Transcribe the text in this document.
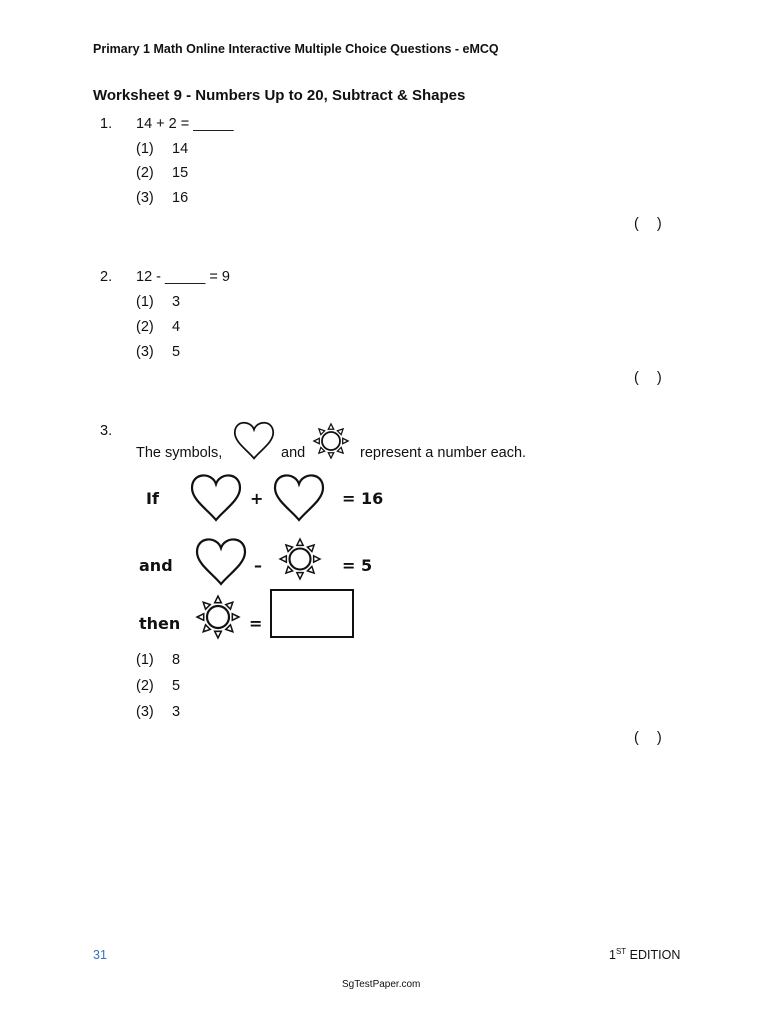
Primary 1 Math Online Interactive Multiple Choice Questions - eMCQ
Worksheet 9 - Numbers Up to 20, Subtract & Shapes
1. 14 + 2 = _____
(1) 14
(2) 15
(3) 16
( )
2. 12 - _____ = 9
(1) 3
(2) 4
(3) 5
( )
3.
The symbols,	and	represent a number each.
If	+	= 16
and	–	= 5
then	=
(1) 8
(2) 5
(3) 3
( )
31	1ST EDITION
SgTestPaper.com
